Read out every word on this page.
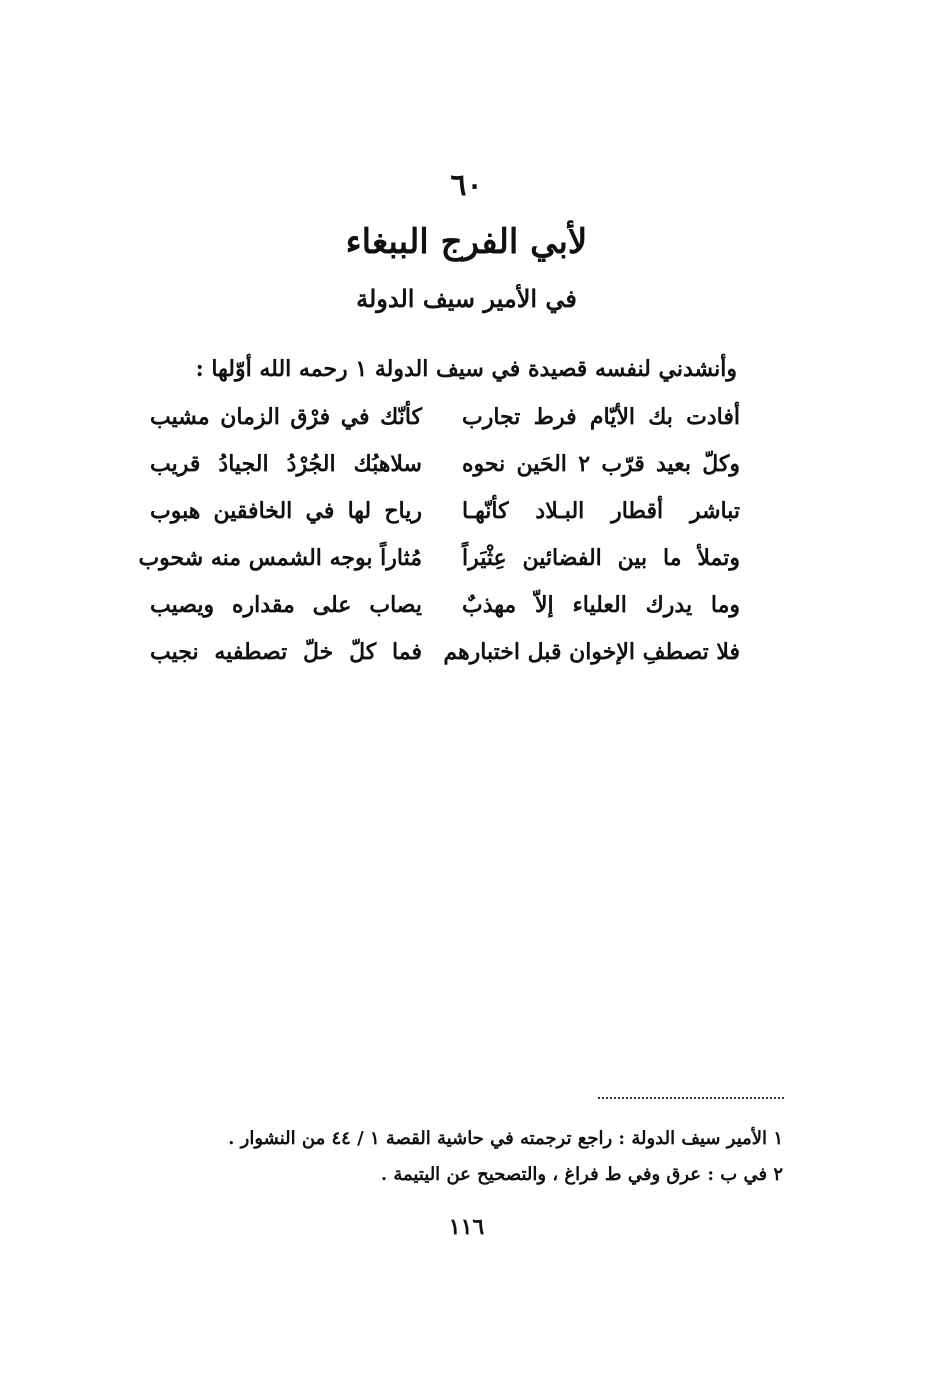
٦٠
لأبي الفرج الببغاء
في الأمير سيف الدولة
وأنشدني لنفسه قصيدة في سيف الدولة ١ رحمه الله أوّلها :
أفادت بك الأيّام فرط تجارب
كأنّك في فرْق الزمان مشيب
وكلّ بعيد قرّب ٢ الحَين نحوه
سلاهبُك الجُرْدُ الجيادُ قريب
تباشر أقطار البـلاد كأنّهـا
رياح لها في الخافقين هبوب
وتملأ ما بين الفضائين عِثْيَراً
مُثاراً بوجه الشمس منه شحوب
وما يدرك العلياء إلاّ مهذبٌ
يصاب على مقداره ويصيب
فلا تصطفِ الإخوان قبل اختبارهم
فما كلّ خلّ تصطفيه نجيب
١ الأمير سيف الدولة : راجع ترجمته في حاشية القصة ١ / ٤٤ من النشوار .
٢ في ب : عرق وفي ط فراغ ، والتصحيح عن اليتيمة .
١١٦
